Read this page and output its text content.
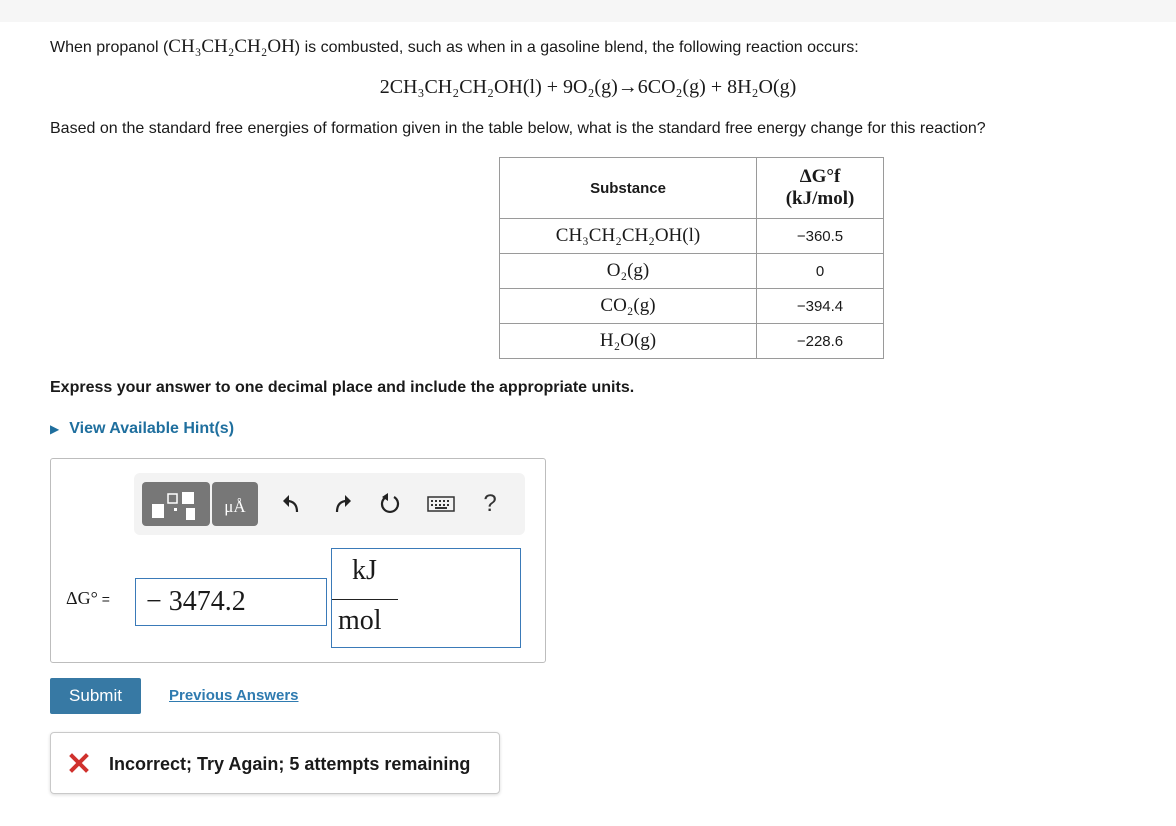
When propanol (CH₃CH₂CH₂OH) is combusted, such as when in a gasoline blend, the following reaction occurs:
2CH₃CH₂CH₂OH(l) + 9O₂(g)→6CO₂(g) + 8H₂O(g)
Based on the standard free energies of formation given in the table below, what is the standard free energy change for this reaction?
Substance	ΔG°f
(kJ/mol)

CH₃CH₂CH₂OH(l)	−360.5
O₂(g)	0
CO₂(g)	−394.4
H₂O(g)	−228.6
Express your answer to one decimal place and include the appropriate units.
▶ View Available Hint(s)
μÅ	?
ΔG° =	− 3474.2
kJ
mol
Submit	Previous Answers
Incorrect; Try Again; 5 attempts remaining
